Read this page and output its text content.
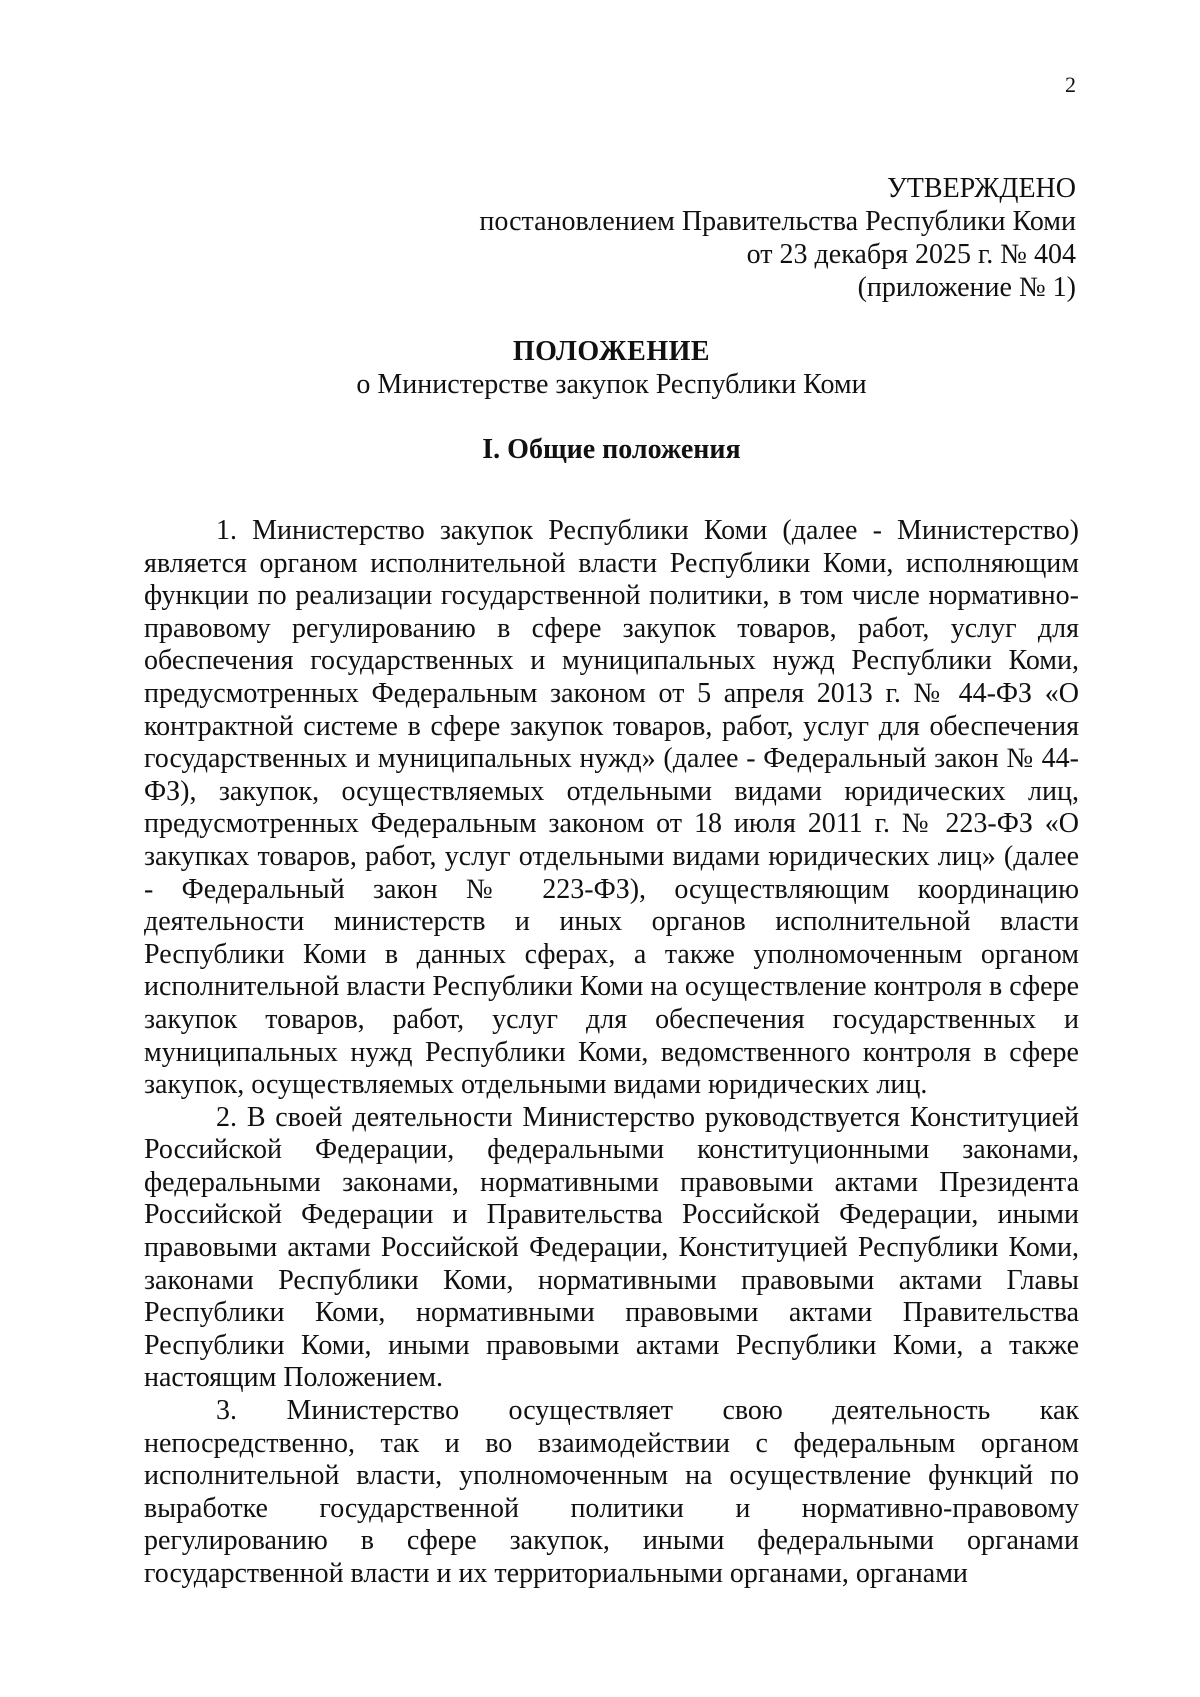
2
УТВЕРЖДЕНО
постановлением Правительства Республики Коми
от 23 декабря 2025 г. № 404
(приложение № 1)
ПОЛОЖЕНИЕ
о Министерстве закупок Республики Коми
I. Общие положения

1. Министерство закупок Республики Коми (далее - Министерство) является органом исполнительной власти Республики Коми, исполняющим функции по реализации государственной политики, в том числе нормативно-правовому регулированию в сфере закупок товаров, работ, услуг для обеспечения государственных и муниципальных нужд Республики Коми, предусмотренных Федеральным законом от 5 апреля 2013 г. № 44-ФЗ «О контрактной системе в сфере закупок товаров, работ, услуг для обеспечения государственных и муниципальных нужд» (далее - Федеральный закон № 44-ФЗ), закупок, осуществляемых отдельными видами юридических лиц, предусмотренных Федеральным законом от 18 июля 2011 г. № 223-ФЗ «О закупках товаров, работ, услуг отдельными видами юридических лиц» (далее - Федеральный закон № 223-ФЗ), осуществляющим координацию деятельности министерств и иных органов исполнительной власти Республики Коми в данных сферах, а также уполномоченным органом исполнительной власти Республики Коми на осуществление контроля в сфере закупок товаров, работ, услуг для обеспечения государственных и муниципальных нужд Республики Коми, ведомственного контроля в сфере закупок, осуществляемых отдельными видами юридических лиц.

2. В своей деятельности Министерство руководствуется Конституцией Российской Федерации, федеральными конституционными законами, федеральными законами, нормативными правовыми актами Президента Российской Федерации и Правительства Российской Федерации, иными правовыми актами Российской Федерации, Конституцией Республики Коми, законами Республики Коми, нормативными правовыми актами Главы Республики Коми, нормативными правовыми актами Правительства Республики Коми, иными правовыми актами Республики Коми, а также настоящим Положением.

3. Министерство осуществляет свою деятельность как непосредственно, так и во взаимодействии с федеральным органом исполнительной власти, уполномоченным на осуществление функций по выработке государственной политики и нормативно-правовому регулированию в сфере закупок, иными федеральными органами государственной власти и их территориальными органами, органами
